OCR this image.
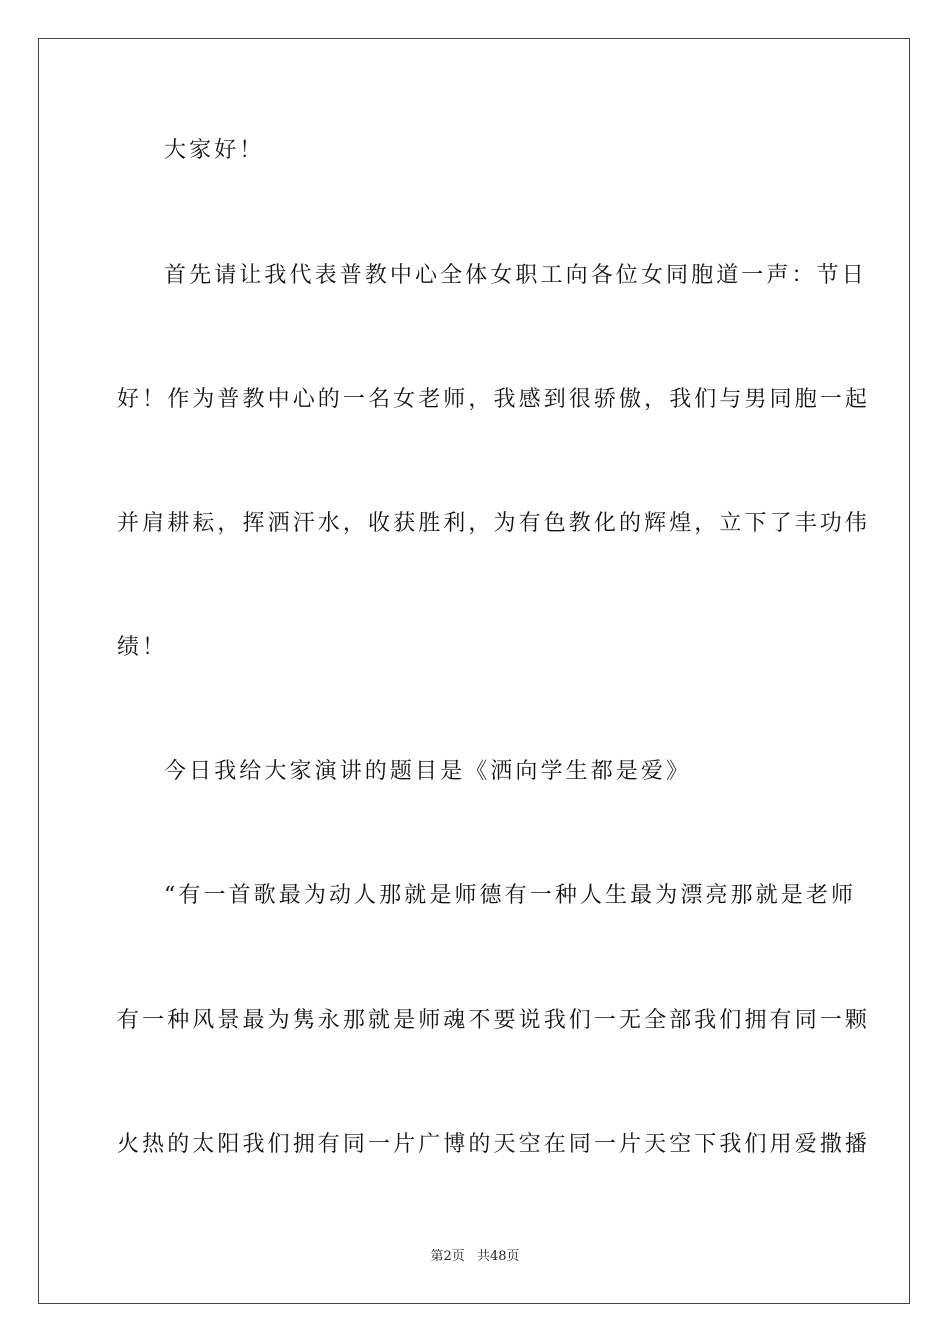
大家好！
首先请让我代表普教中心全体女职工向各位女同胞道一声：节日
好！作为普教中心的一名女老师，我感到很骄傲，我们与男同胞一起
并肩耕耘，挥洒汗水，收获胜利，为有色教化的辉煌，立下了丰功伟
绩！
今日我给大家演讲的题目是《洒向学生都是爱》
“有一首歌最为动人那就是师德有一种人生最为漂亮那就是老师
有一种风景最为隽永那就是师魂不要说我们一无全部我们拥有同一颗
火热的太阳我们拥有同一片广博的天空在同一片天空下我们用爱撒播
第2页 共48页
